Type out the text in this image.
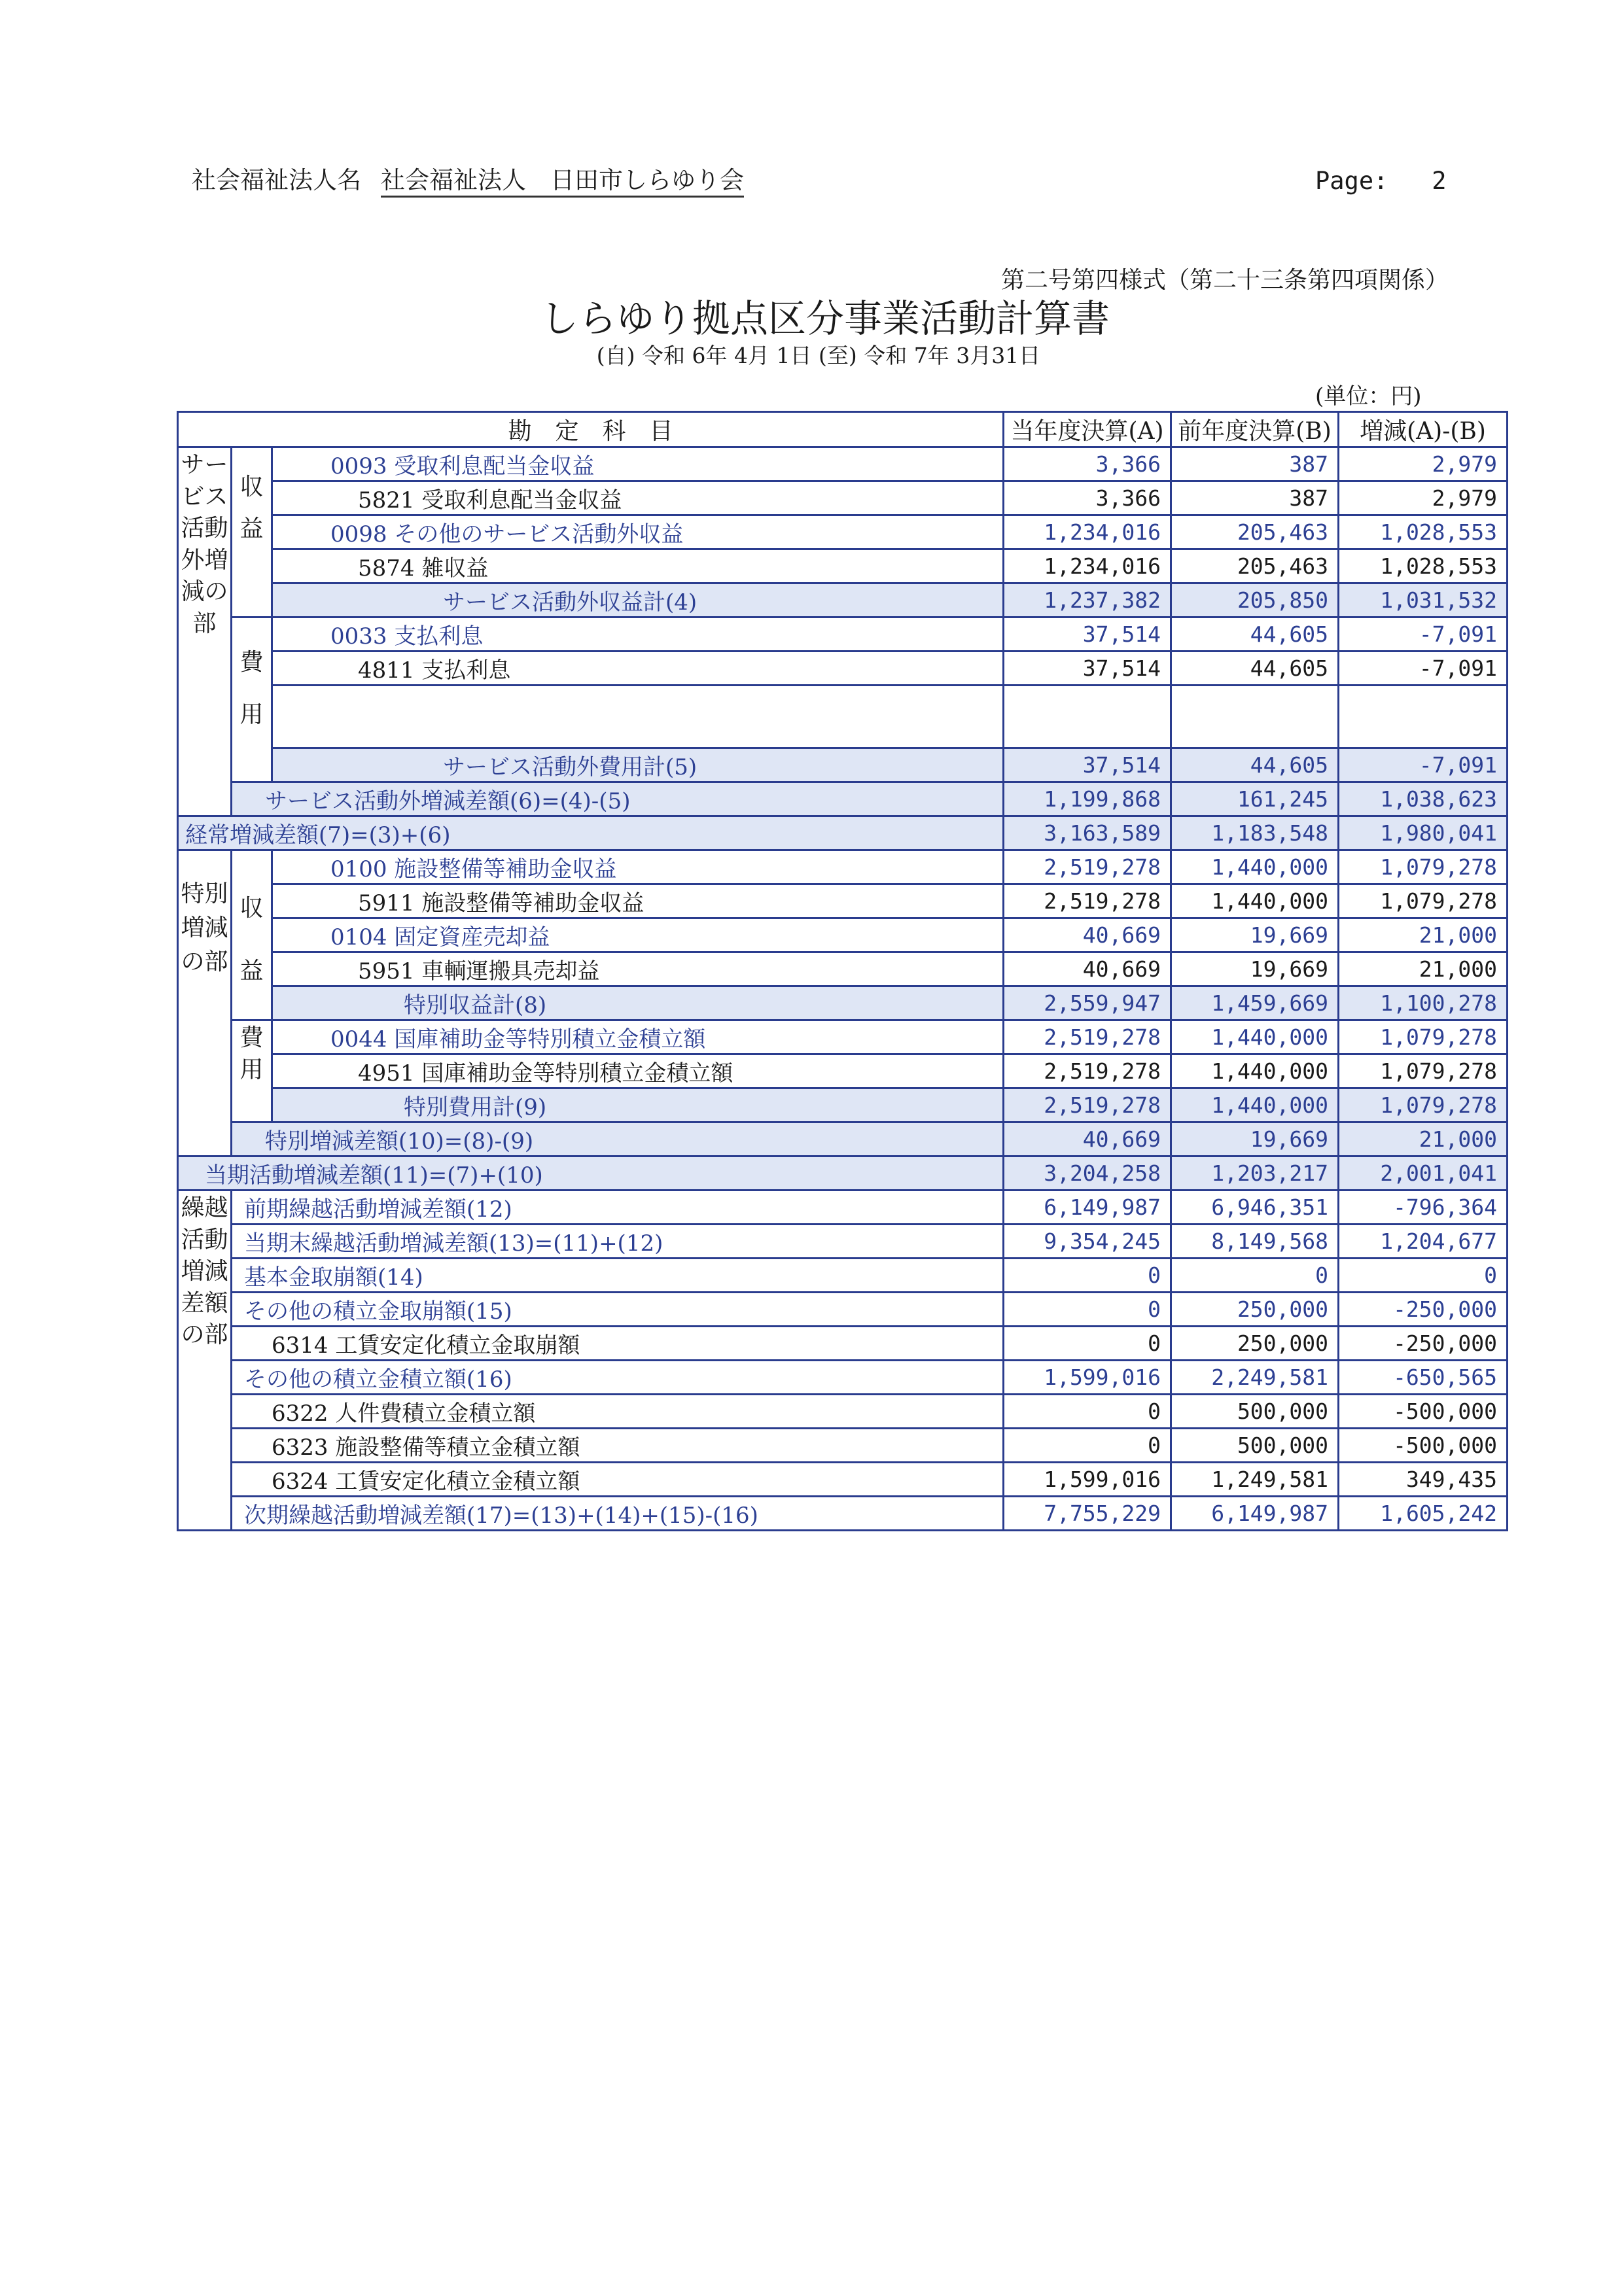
社会福祉法人名 社会福祉法人　日田市しらゆり会	Page: 2
第二号第四様式（第二十三条第四項関係）
しらゆり拠点区分事業活動計算書
(自) 令和 6年 4月 1日 (至) 令和 7年 3月31日
(単位：円)
勘　定　科　目			当年度決算(A)	前年度決算(B)	増減(A)-(B)
サービス活動外増減の部	収益	0093 受取利息配当金収益	3,366	387	2,979
		5821 受取利息配当金収益	3,366	387	2,979
		0098 その他のサービス活動外収益	1,234,016	205,463	1,028,553
		5874 雑収益	1,234,016	205,463	1,028,553
		サービス活動外収益計(4)	1,237,382	205,850	1,031,532
	費用	0033 支払利息	37,514	44,605	-7,091
		4811 支払利息	37,514	44,605	-7,091

		サービス活動外費用計(5)	37,514	44,605	-7,091
	サービス活動外増減差額(6)=(4)-(5)		1,199,868	161,245	1,038,623
経常増減差額(7)=(3)+(6)			3,163,589	1,183,548	1,980,041
特別増減の部	収益	0100 施設整備等補助金収益	2,519,278	1,440,000	1,079,278
		5911 施設整備等補助金収益	2,519,278	1,440,000	1,079,278
		0104 固定資産売却益	40,669	19,669	21,000
		5951 車輌運搬具売却益	40,669	19,669	21,000
		特別収益計(8)	2,559,947	1,459,669	1,100,278
	費用	0044 国庫補助金等特別積立金積立額	2,519,278	1,440,000	1,079,278
		4951 国庫補助金等特別積立金積立額	2,519,278	1,440,000	1,079,278
		特別費用計(9)	2,519,278	1,440,000	1,079,278
	特別増減差額(10)=(8)-(9)		40,669	19,669	21,000
当期活動増減差額(11)=(7)+(10)			3,204,258	1,203,217	2,001,041
繰越活動増減差額の部	前期繰越活動増減差額(12)		6,149,987	6,946,351	-796,364
	当期末繰越活動増減差額(13)=(11)+(12)		9,354,245	8,149,568	1,204,677
	基本金取崩額(14)		0	0	0
	その他の積立金取崩額(15)		0	250,000	-250,000
	6314 工賃安定化積立金取崩額		0	250,000	-250,000
	その他の積立金積立額(16)		1,599,016	2,249,581	-650,565
	6322 人件費積立金積立額		0	500,000	-500,000
	6323 施設整備等積立金積立額		0	500,000	-500,000
	6324 工賃安定化積立金積立額		1,599,016	1,249,581	349,435
	次期繰越活動増減差額(17)=(13)+(14)+(15)-(16)		7,755,229	6,149,987	1,605,242
